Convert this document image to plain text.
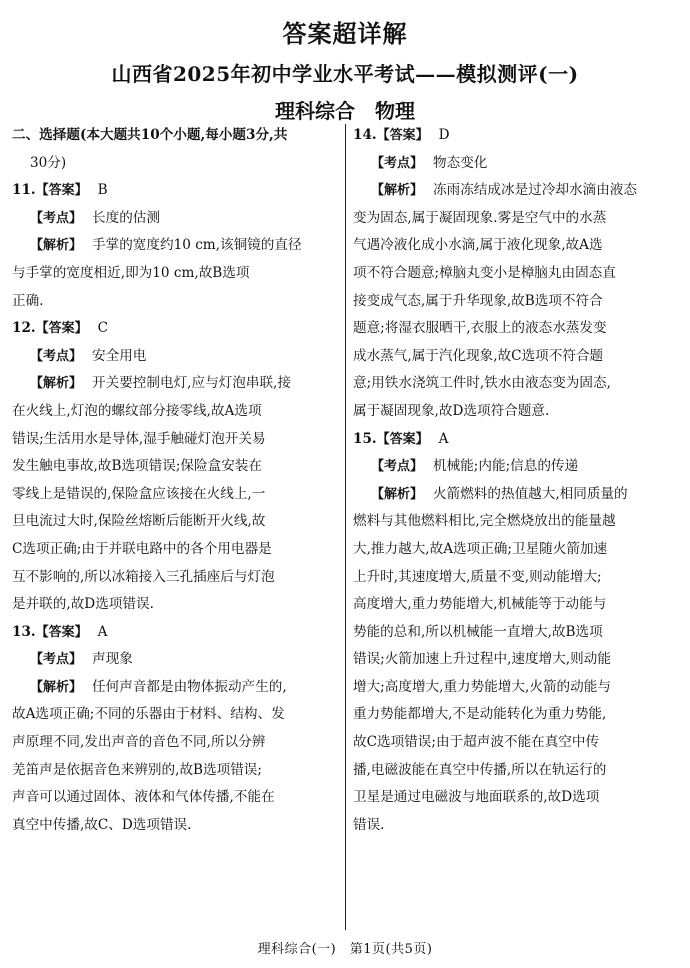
答案超详解
山西省2025年初中学业水平考试——模拟测评(一)
理科综合　物理

二、选择题(本大题共10个小题,每小题3分,共

30分)

11.【答案】 B

【考点】 长度的估测

【解析】 手掌的宽度约10 cm,该铜镜的直径

与手掌的宽度相近,即为10 cm,故B选项

正确.

12.【答案】 C

【考点】 安全用电

【解析】 开关要控制电灯,应与灯泡串联,接

在火线上,灯泡的螺纹部分接零线,故A选项

错误;生活用水是导体,湿手触碰灯泡开关易

发生触电事故,故B选项错误;保险盒安装在

零线上是错误的,保险盒应该接在火线上,一

旦电流过大时,保险丝熔断后能断开火线,故

C选项正确;由于并联电路中的各个用电器是

互不影响的,所以冰箱接入三孔插座后与灯泡

是并联的,故D选项错误.

13.【答案】 A

【考点】 声现象

【解析】 任何声音都是由物体振动产生的,

故A选项正确;不同的乐器由于材料、结构、发

声原理不同,发出声音的音色不同,所以分辨

羌笛声是依据音色来辨别的,故B选项错误;

声音可以通过固体、液体和气体传播,不能在

真空中传播,故C、D选项错误.

14.【答案】 D

【考点】 物态变化

【解析】 冻雨冻结成冰是过冷却水滴由液态

变为固态,属于凝固现象.雾是空气中的水蒸

气遇冷液化成小水滴,属于液化现象,故A选

项不符合题意;樟脑丸变小是樟脑丸由固态直

接变成气态,属于升华现象,故B选项不符合

题意;将湿衣服晒干,衣服上的液态水蒸发变

成水蒸气,属于汽化现象,故C选项不符合题

意;用铁水浇筑工件时,铁水由液态变为固态,

属于凝固现象,故D选项符合题意.

15.【答案】 A

【考点】 机械能;内能;信息的传递

【解析】 火箭燃料的热值越大,相同质量的

燃料与其他燃料相比,完全燃烧放出的能量越

大,推力越大,故A选项正确;卫星随火箭加速

上升时,其速度增大,质量不变,则动能增大;

高度增大,重力势能增大,机械能等于动能与

势能的总和,所以机械能一直增大,故B选项

错误;火箭加速上升过程中,速度增大,则动能

增大;高度增大,重力势能增大,火箭的动能与

重力势能都增大,不是动能转化为重力势能,

故C选项错误;由于超声波不能在真空中传

播,电磁波能在真空中传播,所以在轨运行的

卫星是通过电磁波与地面联系的,故D选项

错误.

理科综合(一)　第1页(共5页)
